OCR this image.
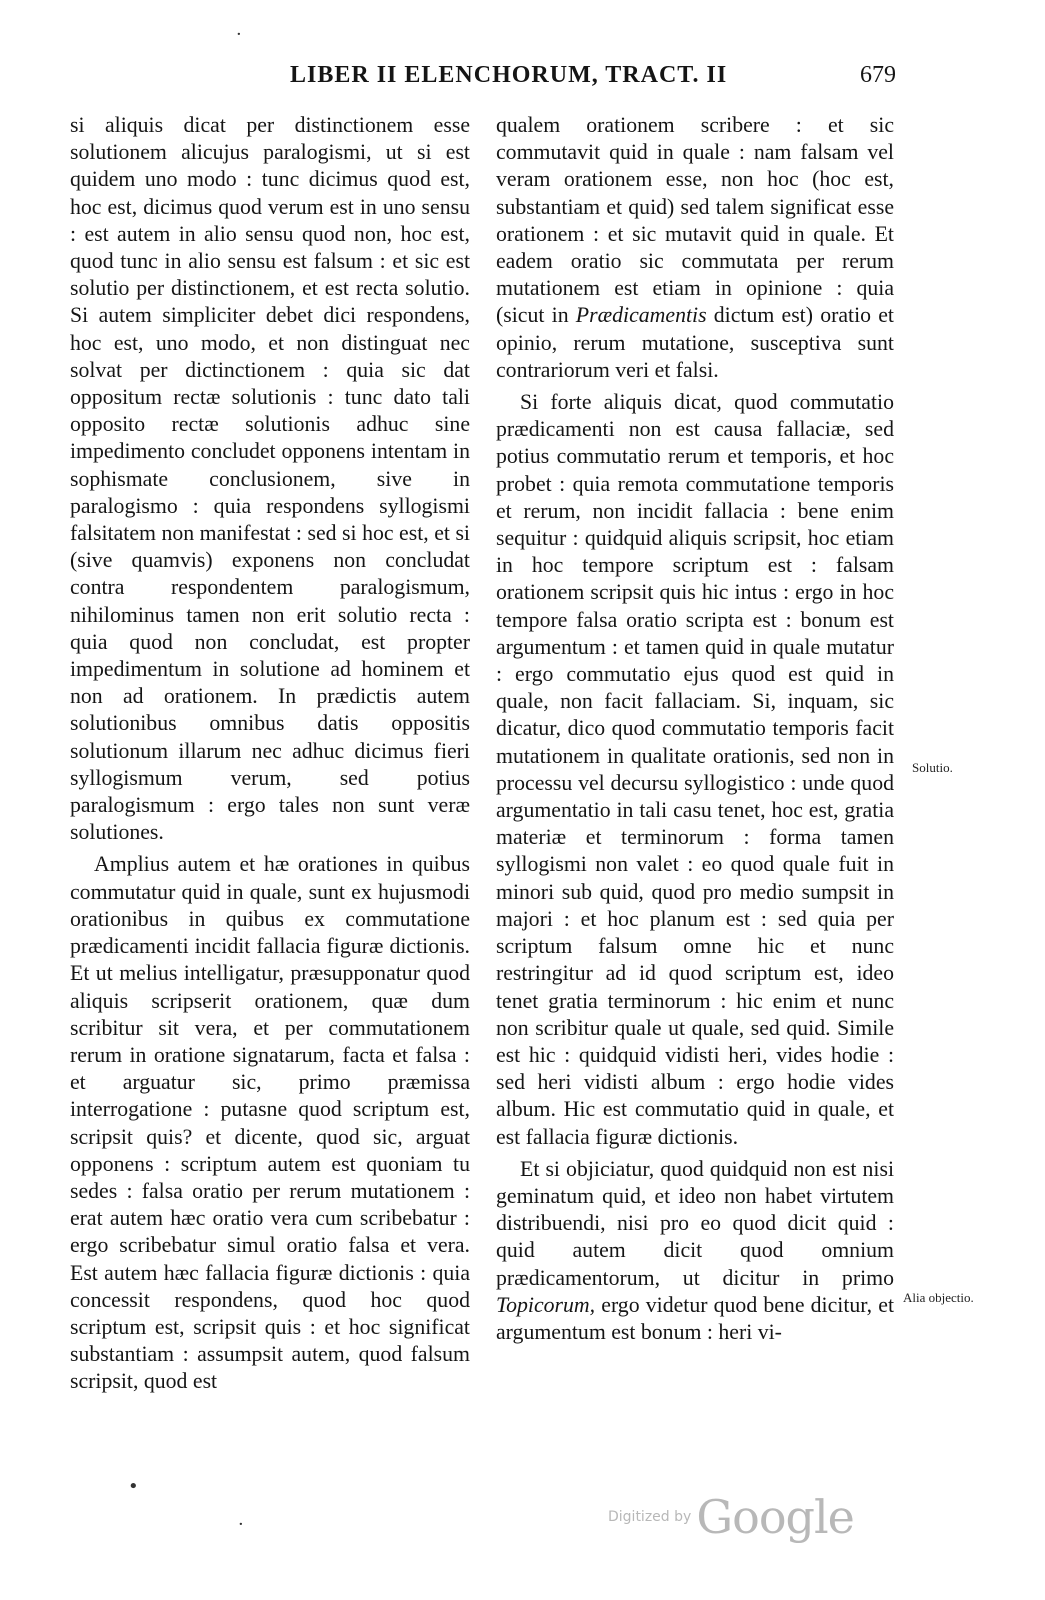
LIBER II ELENCHORUM, TRACT. II	679

si aliquis dicat per distinctionem esse solutionem alicujus paralogismi, ut si est quidem uno modo : tunc dicimus quod est, hoc est, dicimus quod verum est in uno sensu : est autem in alio sensu quod non, hoc est, quod tunc in alio sensu est falsum : et sic est solutio per distinctionem, et est recta solutio. Si autem simpliciter debet dici respondens, hoc est, uno modo, et non distinguat nec solvat per dictinctionem : quia sic dat oppositum rectæ solutionis : tunc dato tali opposito rectæ solutionis adhuc sine impedimento concludet opponens intentam in sophismate conclusionem, sive in paralogismo : quia respondens syllogismi falsitatem non manifestat : sed si hoc est, et si (sive quamvis) exponens non concludat contra respondentem paralogismum, nihilominus tamen non erit solutio recta : quia quod non concludat, est propter impedimentum in solutione ad hominem et non ad orationem. In prædictis autem solutionibus omnibus datis oppositis solutionum illarum nec adhuc dicimus fieri syllogismum verum, sed potius paralogismum : ergo tales non sunt veræ solutiones.

Amplius autem et hæ orationes in quibus commutatur quid in quale, sunt ex hujusmodi orationibus in quibus ex commutatione prædicamenti incidit fallacia figuræ dictionis. Et ut melius intelligatur, præsupponatur quod aliquis scripserit orationem, quæ dum scribitur sit vera, et per commutationem rerum in oratione signatarum, facta et falsa : et arguatur sic, primo præmissa interrogatione : putasne quod scriptum est, scripsit quis? et dicente, quod sic, arguat opponens : scriptum autem est quoniam tu sedes : falsa oratio per rerum mutationem : erat autem hæc oratio vera cum scribebatur : ergo scribebatur simul oratio falsa et vera. Est autem hæc fallacia figuræ dictionis : quia concessit respondens, quod hoc quod scriptum est, scripsit quis : et hoc significat substantiam : assumpsit autem, quod falsum scripsit, quod est

qualem orationem scribere : et sic commutavit quid in quale : nam falsam vel veram orationem esse, non hoc (hoc est, substantiam et quid) sed talem significat esse orationem : et sic mutavit quid in quale. Et eadem oratio sic commutata per rerum mutationem est etiam in opinione : quia (sicut in Prædicamentis dictum est) oratio et opinio, rerum mutatione, susceptiva sunt contrariorum veri et falsi.

Si forte aliquis dicat, quod commutatio prædicamenti non est causa fallaciæ, sed potius commutatio rerum et temporis, et hoc probet : quia remota commutatione temporis et rerum, non incidit fallacia : bene enim sequitur : quidquid aliquis scripsit, hoc etiam in hoc tempore scriptum est : falsam orationem scripsit quis hic intus : ergo in hoc tempore falsa oratio scripta est : bonum est argumentum : et tamen quid in quale mutatur : ergo commutatio ejus quod est quid in quale, non facit fallaciam. Si, inquam, sic dicatur, dico quod commutatio temporis facit mutationem in qualitate orationis, sed non in processu vel decursu syllogistico : unde quod argumentatio in tali casu tenet, hoc est, gratia materiæ et terminorum : forma tamen syllogismi non valet : eo quod quale fuit in minori sub quid, quod pro medio sumpsit in majori : et hoc planum est : sed quia per scriptum falsum omne hic et nunc restringitur ad id quod scriptum est, ideo tenet gratia terminorum : hic enim et nunc non scribitur quale ut quale, sed quid. Simile est hic : quidquid vidisti heri, vides hodie : sed heri vidisti album : ergo hodie vides album. Hic est commutatio quid in quale, et est fallacia figuræ dictionis.

Et si objiciatur, quod quidquid non est nisi geminatum quid, et ideo non habet virtutem distribuendi, nisi pro eo quod dicit quid : quid autem dicit quod omnium prædicamentorum, ut dicitur in primo Topicorum, ergo videtur quod bene dicitur, et argumentum est bonum : heri vi-

Solutio.
Alia objectio.
·
•
·	Digitized by Google
